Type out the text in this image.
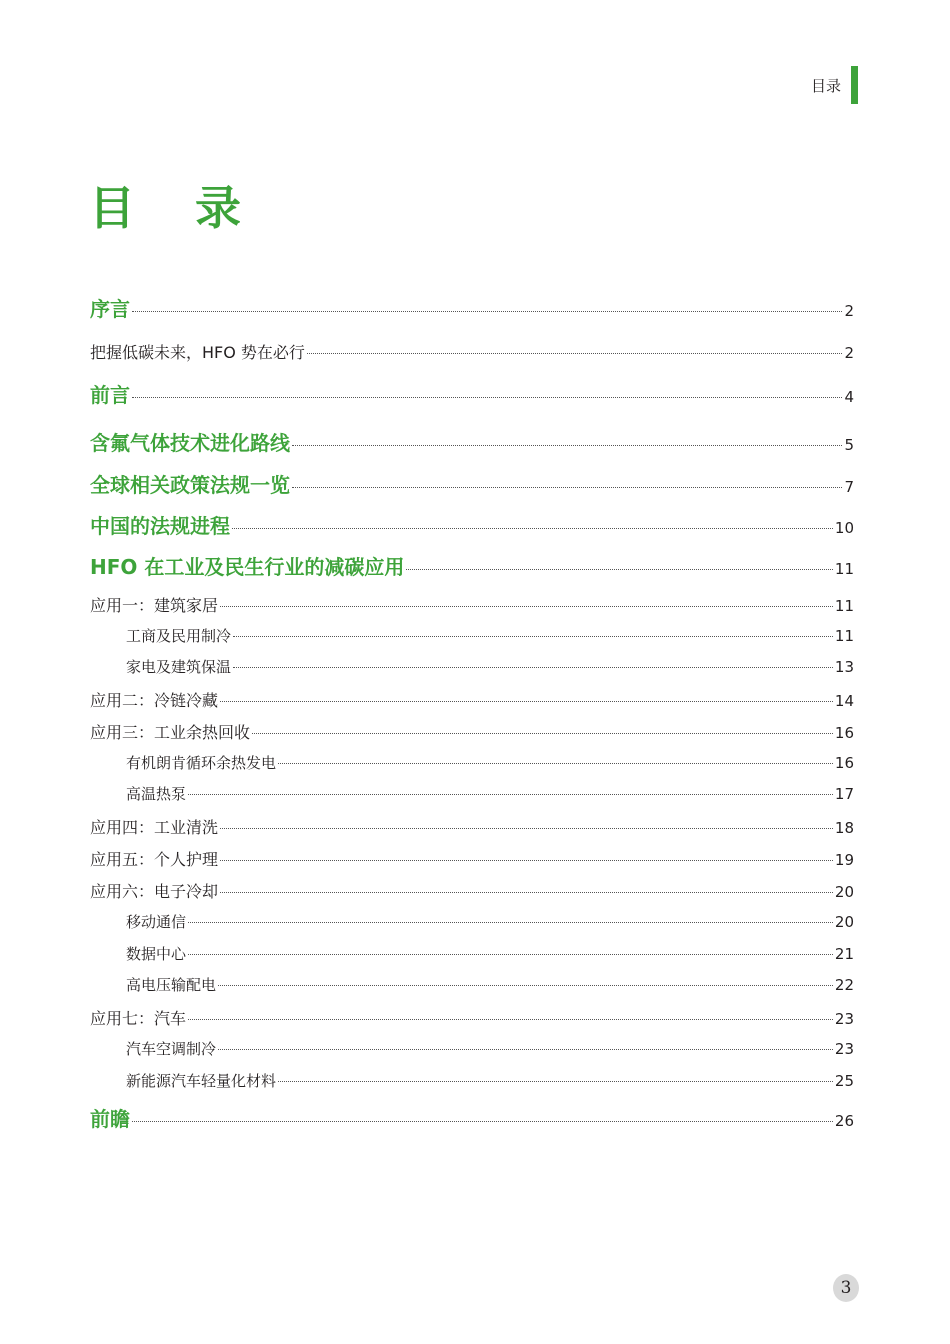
目录
目 录
序言	2
把握低碳未来，HFO 势在必行	2
前言	4
含氟气体技术进化路线	5
全球相关政策法规一览	7
中国的法规进程	10
HFO 在工业及民生行业的减碳应用	11
应用一：建筑家居	11
工商及民用制冷	11
家电及建筑保温	13
应用二：冷链冷藏	14
应用三：工业余热回收	16
有机朗肯循环余热发电	16
高温热泵	17
应用四：工业清洗	18
应用五：个人护理	19
应用六：电子冷却	20
移动通信	20
数据中心	21
高电压输配电	22
应用七：汽车	23
汽车空调制冷	23
新能源汽车轻量化材料	25
前瞻	26
3
